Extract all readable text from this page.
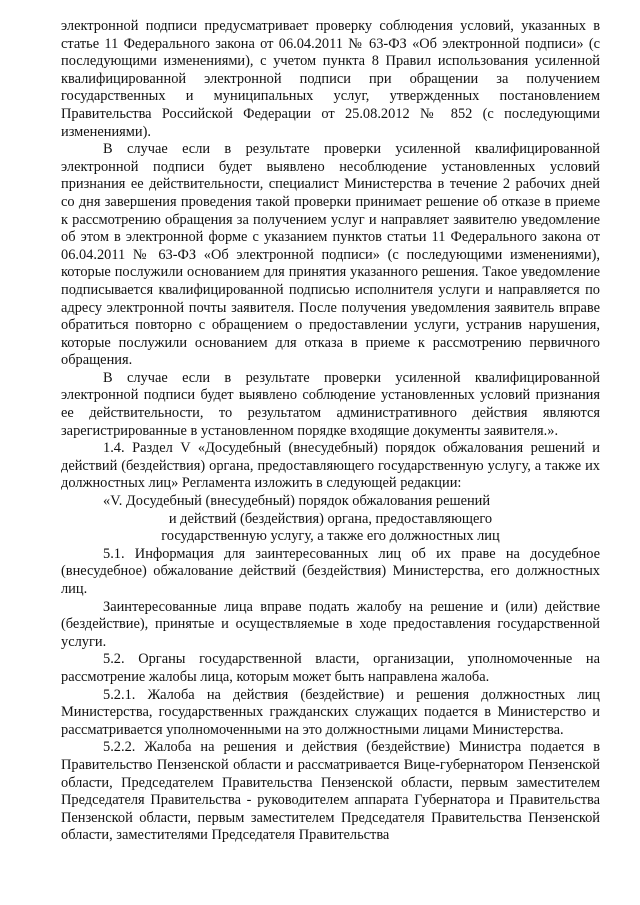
электронной подписи предусматривает проверку соблюдения условий, указанных в статье 11 Федерального закона от 06.04.2011 № 63-ФЗ «Об электронной подписи» (с последующими изменениями), с учетом пункта 8 Правил использования усиленной квалифицированной электронной подписи при обращении за получением государственных и муниципальных услуг, утвержденных постановлением Правительства Российской Федерации от 25.08.2012 № 852 (с последующими изменениями).

В случае если в результате проверки усиленной квалифицированной электронной подписи будет выявлено несоблюдение установленных условий признания ее действительности, специалист Министерства в течение 2 рабочих дней со дня завершения проведения такой проверки принимает решение об отказе в приеме к рассмотрению обращения за получением услуг и направляет заявителю уведомление об этом в электронной форме с указанием пунктов статьи 11 Федерального закона от 06.04.2011 № 63-ФЗ «Об электронной подписи» (с последующими изменениями), которые послужили основанием для принятия указанного решения. Такое уведомление подписывается квалифицированной подписью исполнителя услуги и направляется по адресу электронной почты заявителя. После получения уведомления заявитель вправе обратиться повторно с обращением о предоставлении услуги, устранив нарушения, которые послужили основанием для отказа в приеме к рассмотрению первичного обращения.

В случае если в результате проверки усиленной квалифицированной электронной подписи будет выявлено соблюдение установленных условий признания ее действительности, то результатом административного действия являются зарегистрированные в установленном порядке входящие документы заявителя.».

1.4. Раздел V «Досудебный (внесудебный) порядок обжалования решений и действий (бездействия) органа, предоставляющего государственную услугу, а также их должностных лиц» Регламента изложить в следующей редакции:

«V. Досудебный (внесудебный) порядок обжалования решений

и действий (бездействия) органа, предоставляющего

государственную услугу, а также его должностных лиц

5.1. Информация для заинтересованных лиц об их праве на досудебное (внесудебное) обжалование действий (бездействия) Министерства, его должностных лиц.

Заинтересованные лица вправе подать жалобу на решение и (или) действие (бездействие), принятые и осуществляемые в ходе предоставления государственной услуги.

5.2. Органы государственной власти, организации, уполномоченные на рассмотрение жалобы лица, которым может быть направлена жалоба.

5.2.1. Жалоба на действия (бездействие) и решения должностных лиц Министерства, государственных гражданских служащих подается в Министерство и рассматривается уполномоченными на это должностными лицами Министерства.

5.2.2. Жалоба на решения и действия (бездействие) Министра подается в Правительство Пензенской области и рассматривается Вице-губернатором Пензенской области, Председателем Правительства Пензенской области, первым заместителем Председателя Правительства - руководителем аппарата Губернатора и Правительства Пензенской области, первым заместителем Председателя Правительства Пензенской области, заместителями Председателя Правительства
